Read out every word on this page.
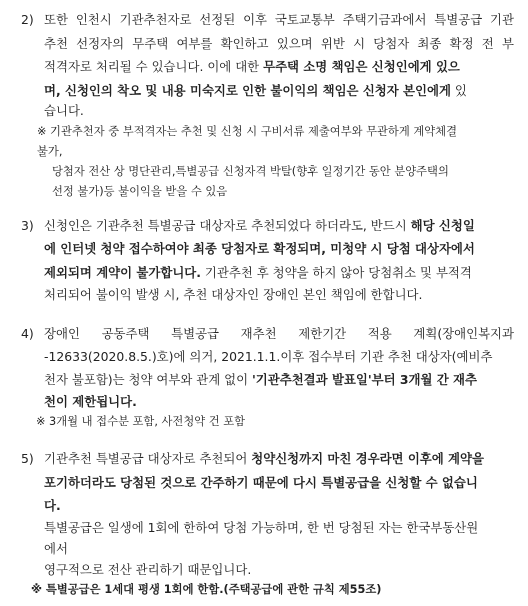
2) 또한 인천시 기관추천자로 선정된 이후 국토교통부 주택기금과에서 특별공급 기관
추천 선정자의 무주택 여부를 확인하고 있으며 위반 시 당첨자 최종 확정 전 부
적격자로 처리될 수 있습니다. 이에 대한 무주택 소명 책임은 신청인에게 있으
며, 신청인의 착오 및 내용 미숙지로 인한 불이익의 책임은 신청자 본인에게 있
습니다.
※ 기관추천자 중 부적격자는 추천 및 신청 시 구비서류 제출여부와 무관하게 계약체결
불가,
당첨자 전산 상 명단관리,특별공급 신청자격 박탈(향후 일정기간 동안 분양주택의
선정 불가)등 불이익을 받을 수 있음
3) 신청인은 기관추천 특별공급 대상자로 추천되었다 하더라도, 반드시 해당 신청일
에 인터넷 청약 접수하여야 최종 당첨자로 확정되며, 미청약 시 당첨 대상자에서
제외되며 계약이 불가합니다. 기관추천 후 청약을 하지 않아 당첨취소 및 부적격
처리되어 불이익 발생 시, 추천 대상자인 장애인 본인 책임에 한합니다.
4) 장애인 공동주택 특별공급 재추천 제한기간 적용 계획(장애인복지과
-12633(2020.8.5.)호)에 의거, 2021.1.1.이후 접수부터 기관 추천 대상자(예비추
천자 불포함)는 청약 여부와 관계 없이 '기관추천결과 발표일'부터 3개월 간 재추
천이 제한됩니다.
※ 3개월 내 접수분 포함, 사전청약 건 포함
5) 기관추천 특별공급 대상자로 추천되어 청약신청까지 마친 경우라면 이후에 계약을
포기하더라도 당첨된 것으로 간주하기 때문에 다시 특별공급을 신청할 수 없습니
다.
특별공급은 일생에 1회에 한하여 당첨 가능하며, 한 번 당첨된 자는 한국부동산원
에서
영구적으로 전산 관리하기 때문입니다.
※ 특별공급은 1세대 평생 1회에 한함.(주택공급에 관한 규칙 제55조)
